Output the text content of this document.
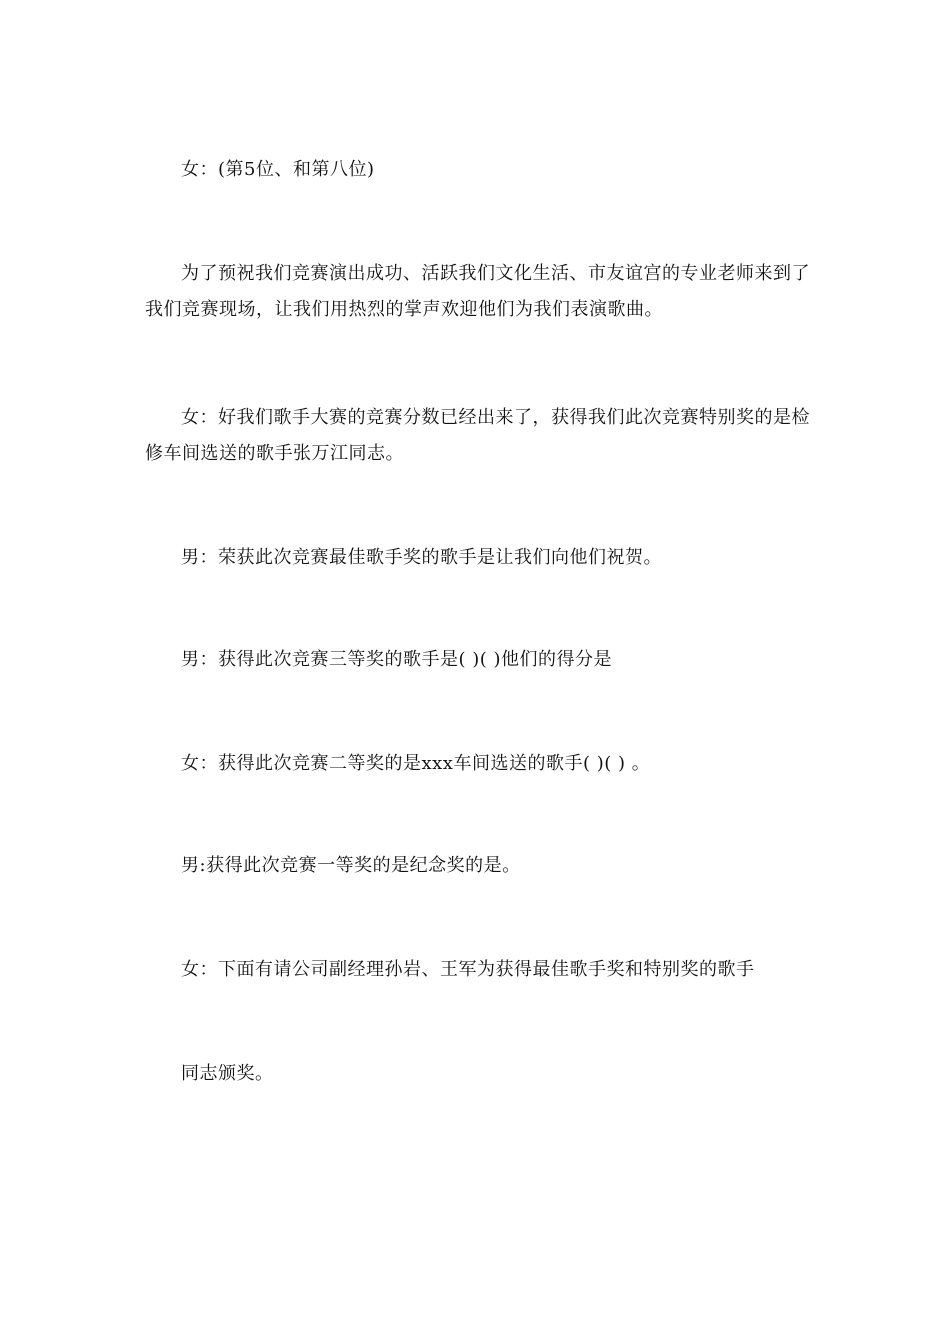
女：(第5位、和第八位)

为了预祝我们竞赛演出成功、活跃我们文化生活、市友谊宫的专业老师来到了我们竞赛现场，让我们用热烈的掌声欢迎他们为我们表演歌曲。

女：好我们歌手大赛的竞赛分数已经出来了，获得我们此次竞赛特别奖的是检修车间选送的歌手张万江同志。

男：荣获此次竞赛最佳歌手奖的歌手是让我们向他们祝贺。

男：获得此次竞赛三等奖的歌手是( )( )他们的得分是

女：获得此次竞赛二等奖的是xxx车间选送的歌手( )( ) 。

男:获得此次竞赛一等奖的是纪念奖的是。

女：下面有请公司副经理孙岩、王军为获得最佳歌手奖和特别奖的歌手

同志颁奖。
